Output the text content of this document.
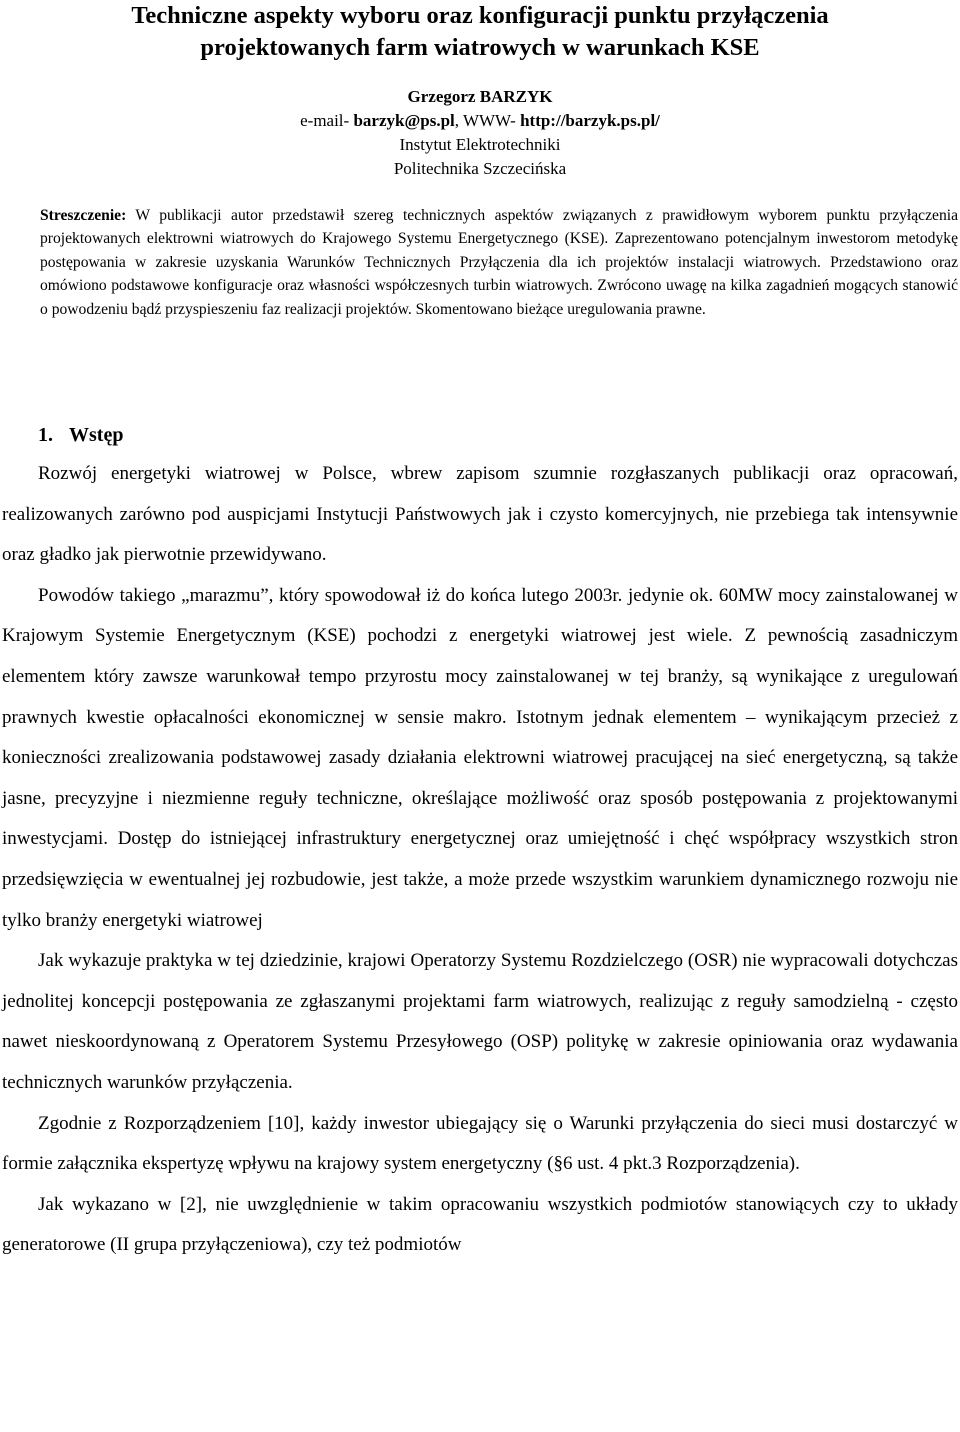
Techniczne aspekty wyboru oraz konfiguracji punktu przyłączenia
projektowanych farm wiatrowych w warunkach KSE
Grzegorz BARZYK
e-mail- barzyk@ps.pl, WWW- http://barzyk.ps.pl/
Instytut Elektrotechniki
Politechnika Szczecińska

Streszczenie: W publikacji autor przedstawił szereg technicznych aspektów związanych z prawidłowym wyborem punktu przyłączenia projektowanych elektrowni wiatrowych do Krajowego Systemu Energetycznego (KSE). Zaprezentowano potencjalnym inwestorom metodykę postępowania w zakresie uzyskania Warunków Technicznych Przyłączenia dla ich projektów instalacji wiatrowych. Przedstawiono oraz omówiono podstawowe konfiguracje oraz własności współczesnych turbin wiatrowych. Zwrócono uwagę na kilka zagadnień mogących stanowić o powodzeniu bądź przyspieszeniu faz realizacji projektów. Skomentowano bieżące uregulowania prawne.

1. Wstęp

Rozwój energetyki wiatrowej w Polsce, wbrew zapisom szumnie rozgłaszanych publikacji oraz opracowań, realizowanych zarówno pod auspicjami Instytucji Państwowych jak i czysto komercyjnych, nie przebiega tak intensywnie oraz gładko jak pierwotnie przewidywano.

Powodów takiego „marazmu”, który spowodował iż do końca lutego 2003r. jedynie ok. 60MW mocy zainstalowanej w Krajowym Systemie Energetycznym (KSE) pochodzi z energetyki wiatrowej jest wiele. Z pewnością zasadniczym elementem który zawsze warunkował tempo przyrostu mocy zainstalowanej w tej branży, są wynikające z uregulowań prawnych kwestie opłacalności ekonomicznej w sensie makro. Istotnym jednak elementem – wynikającym przecież z konieczności zrealizowania podstawowej zasady działania elektrowni wiatrowej pracującej na sieć energetyczną, są także jasne, precyzyjne i niezmienne reguły techniczne, określające możliwość oraz sposób postępowania z projektowanymi inwestycjami. Dostęp do istniejącej infrastruktury energetycznej oraz umiejętność i chęć współpracy wszystkich stron przedsięwzięcia w ewentualnej jej rozbudowie, jest także, a może przede wszystkim warunkiem dynamicznego rozwoju nie tylko branży energetyki wiatrowej

Jak wykazuje praktyka w tej dziedzinie, krajowi Operatorzy Systemu Rozdzielczego (OSR) nie wypracowali dotychczas jednolitej koncepcji postępowania ze zgłaszanymi projektami farm wiatrowych, realizując z reguły samodzielną - często nawet nieskoordynowaną z Operatorem Systemu Przesyłowego (OSP) politykę w zakresie opiniowania oraz wydawania technicznych warunków przyłączenia.

Zgodnie z Rozporządzeniem [10], każdy inwestor ubiegający się o Warunki przyłączenia do sieci musi dostarczyć w formie załącznika ekspertyzę wpływu na krajowy system energetyczny (§6 ust. 4 pkt.3 Rozporządzenia).

Jak wykazano w [2], nie uwzględnienie w takim opracowaniu wszystkich podmiotów stanowiących czy to układy generatorowe (II grupa przyłączeniowa), czy też podmiotów
